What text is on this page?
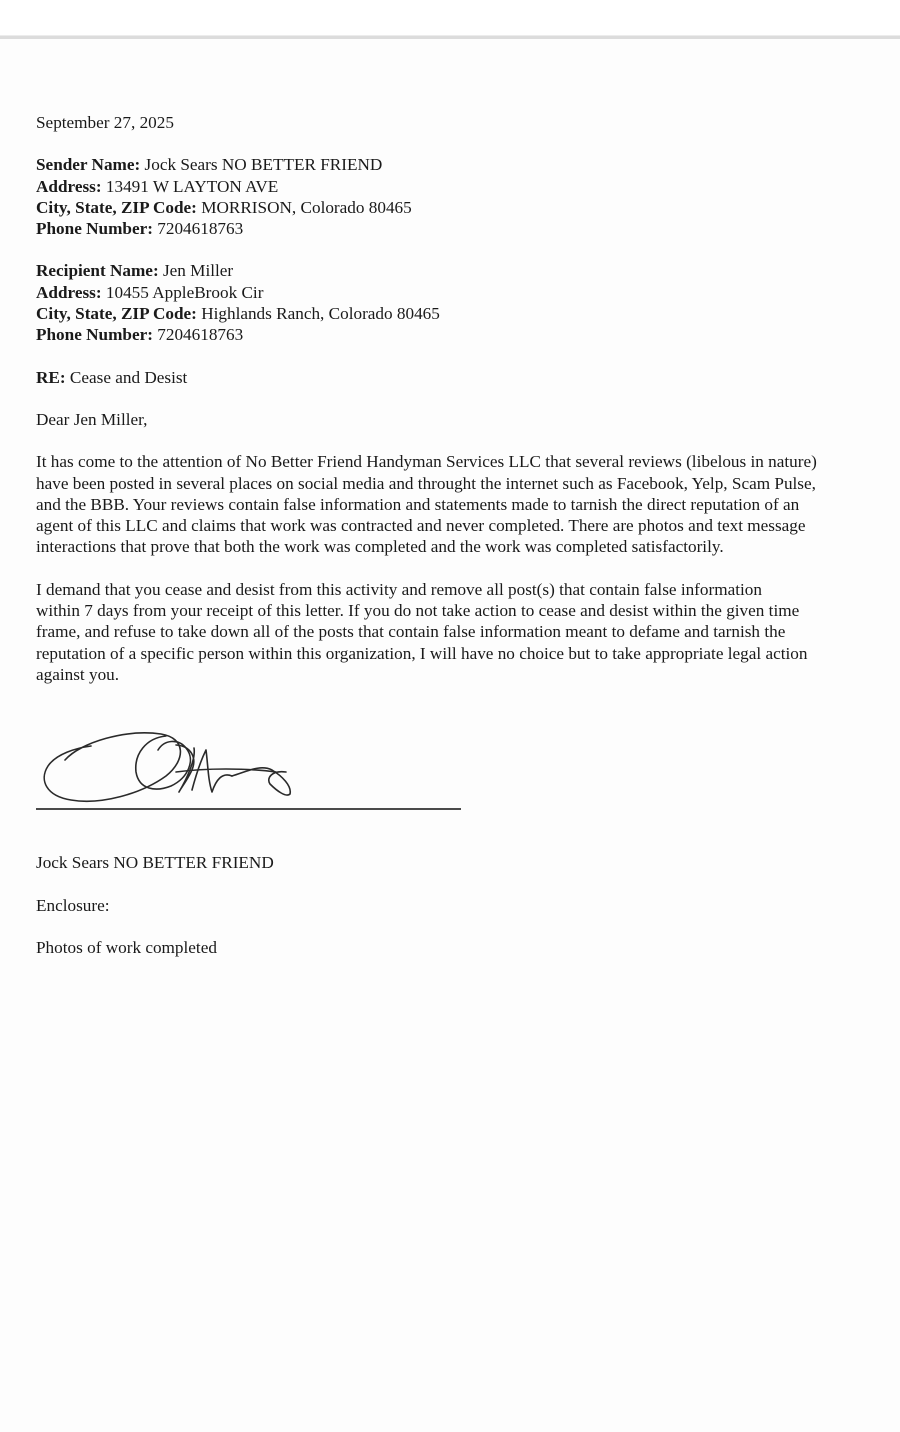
September 27, 2025
Sender Name: Jock Sears NO BETTER FRIEND
Address: 13491 W LAYTON AVE
City, State, ZIP Code: MORRISON, Colorado 80465
Phone Number: 7204618763
Recipient Name: Jen Miller
Address: 10455 AppleBrook Cir
City, State, ZIP Code: Highlands Ranch, Colorado 80465
Phone Number: 7204618763
RE: Cease and Desist
Dear Jen Miller,
It has come to the attention of No Better Friend Handyman Services LLC that several reviews (libelous in nature)
have been posted in several places on social media and throught the internet such as Facebook, Yelp, Scam Pulse,
and the BBB. Your reviews contain false information and statements made to tarnish the direct reputation of an
agent of this LLC and claims that work was contracted and never completed. There are photos and text message
interactions that prove that both the work was completed and the work was completed satisfactorily.
I demand that you cease and desist from this activity and remove all post(s) that contain false information
within 7 days from your receipt of this letter. If you do not take action to cease and desist within the given time
frame, and refuse to take down all of the posts that contain false information meant to defame and tarnish the
reputation of a specific person within this organization, I will have no choice but to take appropriate legal action
against you.
Jock Sears NO BETTER FRIEND
Enclosure:
Photos of work completed
